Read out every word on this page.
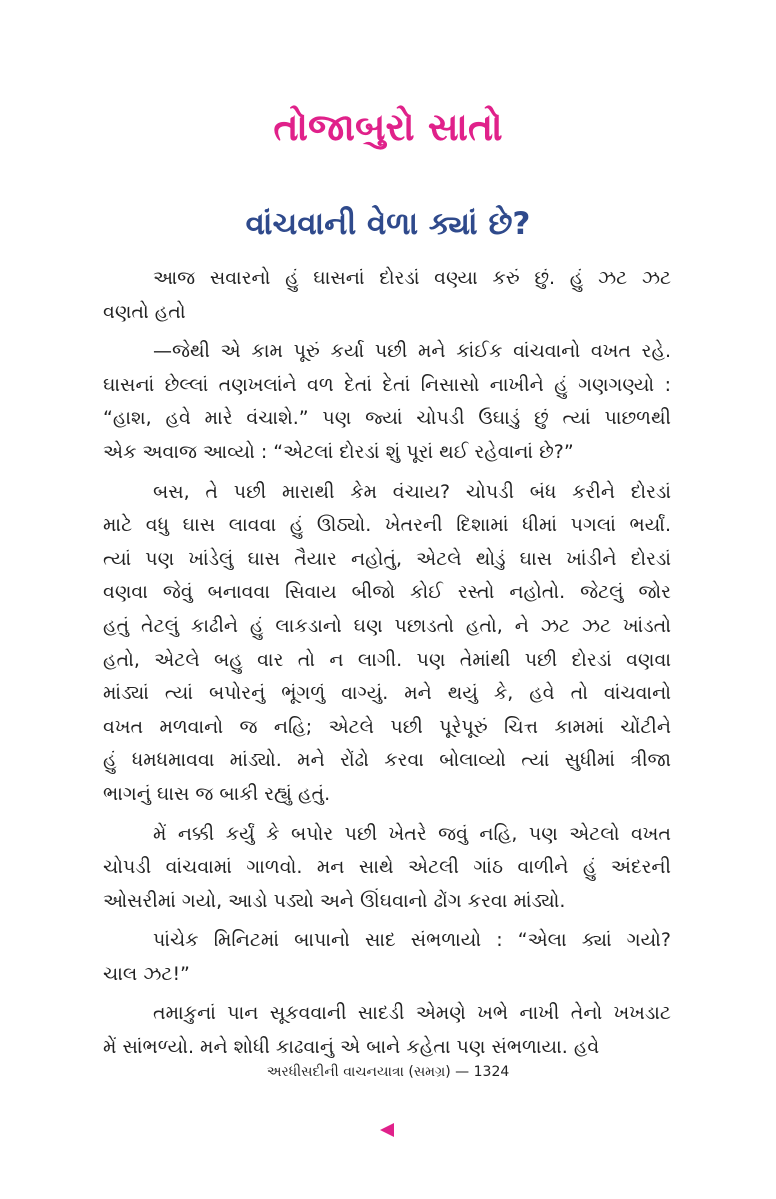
તોજાબુરો સાતો
વાંચવાની વેળા ક્યાં છે?
આજ સવારનો હું ઘાસનાં દોરડાં વણ્યા કરું છું. હું ઝટ ઝટ
વણતો હતો
—જેથી એ કામ પૂરું કર્યા પછી મને કાંઈક વાંચવાનો વખત રહે.
ઘાસનાં છેલ્લાં તણખલાંને વળ દેતાં દેતાં નિસાસો નાખીને હું ગણગણ્યો :
“હાશ, હવે મારે વંચાશે.” પણ જ્યાં ચોપડી ઉઘાડું છું ત્યાં પાછળથી
એક અવાજ આવ્યો : “એટલાં દોરડાં શું પૂરાં થઈ રહેવાનાં છે?”
બસ, તે પછી મારાથી કેમ વંચાય? ચોપડી બંધ કરીને દોરડાં
માટે વધુ ઘાસ લાવવા હું ઊઠ્યો. ખેતરની દિશામાં ધીમાં પગલાં ભર્યાં.
ત્યાં પણ ખાંડેલું ઘાસ તૈયાર નહોતું, એટલે થોડું ઘાસ ખાંડીને દોરડાં
વણવા જેવું બનાવવા સિવાય બીજો કોઈ રસ્તો નહોતો. જેટલું જોર
હતું તેટલું કાઢીને હું લાકડાનો ઘણ પછાડતો હતો, ને ઝટ ઝટ ખાંડતો
હતો, એટલે બહુ વાર તો ન લાગી. પણ તેમાંથી પછી દોરડાં વણવા
માંડ્યાં ત્યાં બપોરનું ભૂંગળું વાગ્યું. મને થયું કે, હવે તો વાંચવાનો
વખત મળવાનો જ નહિ; એટલે પછી પૂરેપૂરું ચિત્ત કામમાં ચોંટીને
હું ધમધમાવવા માંડ્યો. મને રોંઢો કરવા બોલાવ્યો ત્યાં સુધીમાં ત્રીજા
ભાગનું ઘાસ જ બાકી રહ્યું હતું.
મેં નક્કી કર્યું કે બપોર પછી ખેતરે જવું નહિ, પણ એટલો વખત
ચોપડી વાંચવામાં ગાળવો. મન સાથે એટલી ગાંઠ વાળીને હું અંદરની
ઓસરીમાં ગયો, આડો પડ્યો અને ઊંઘવાનો ઢોંગ કરવા માંડ્યો.
પાંચેક મિનિટમાં બાપાનો સાદ સંભળાયો : “એલા ક્યાં ગયો?
ચાલ ઝટ!”
તમાકુનાં પાન સૂકવવાની સાદડી એમણે ખભે નાખી તેનો ખખડાટ
મેં સાંભળ્યો. મને શોધી કાઢવાનું એ બાને કહેતા પણ સંભળાયા. હવે
અરધીસદીની વાચનયાત્રા (સમગ્ર) — 1324
